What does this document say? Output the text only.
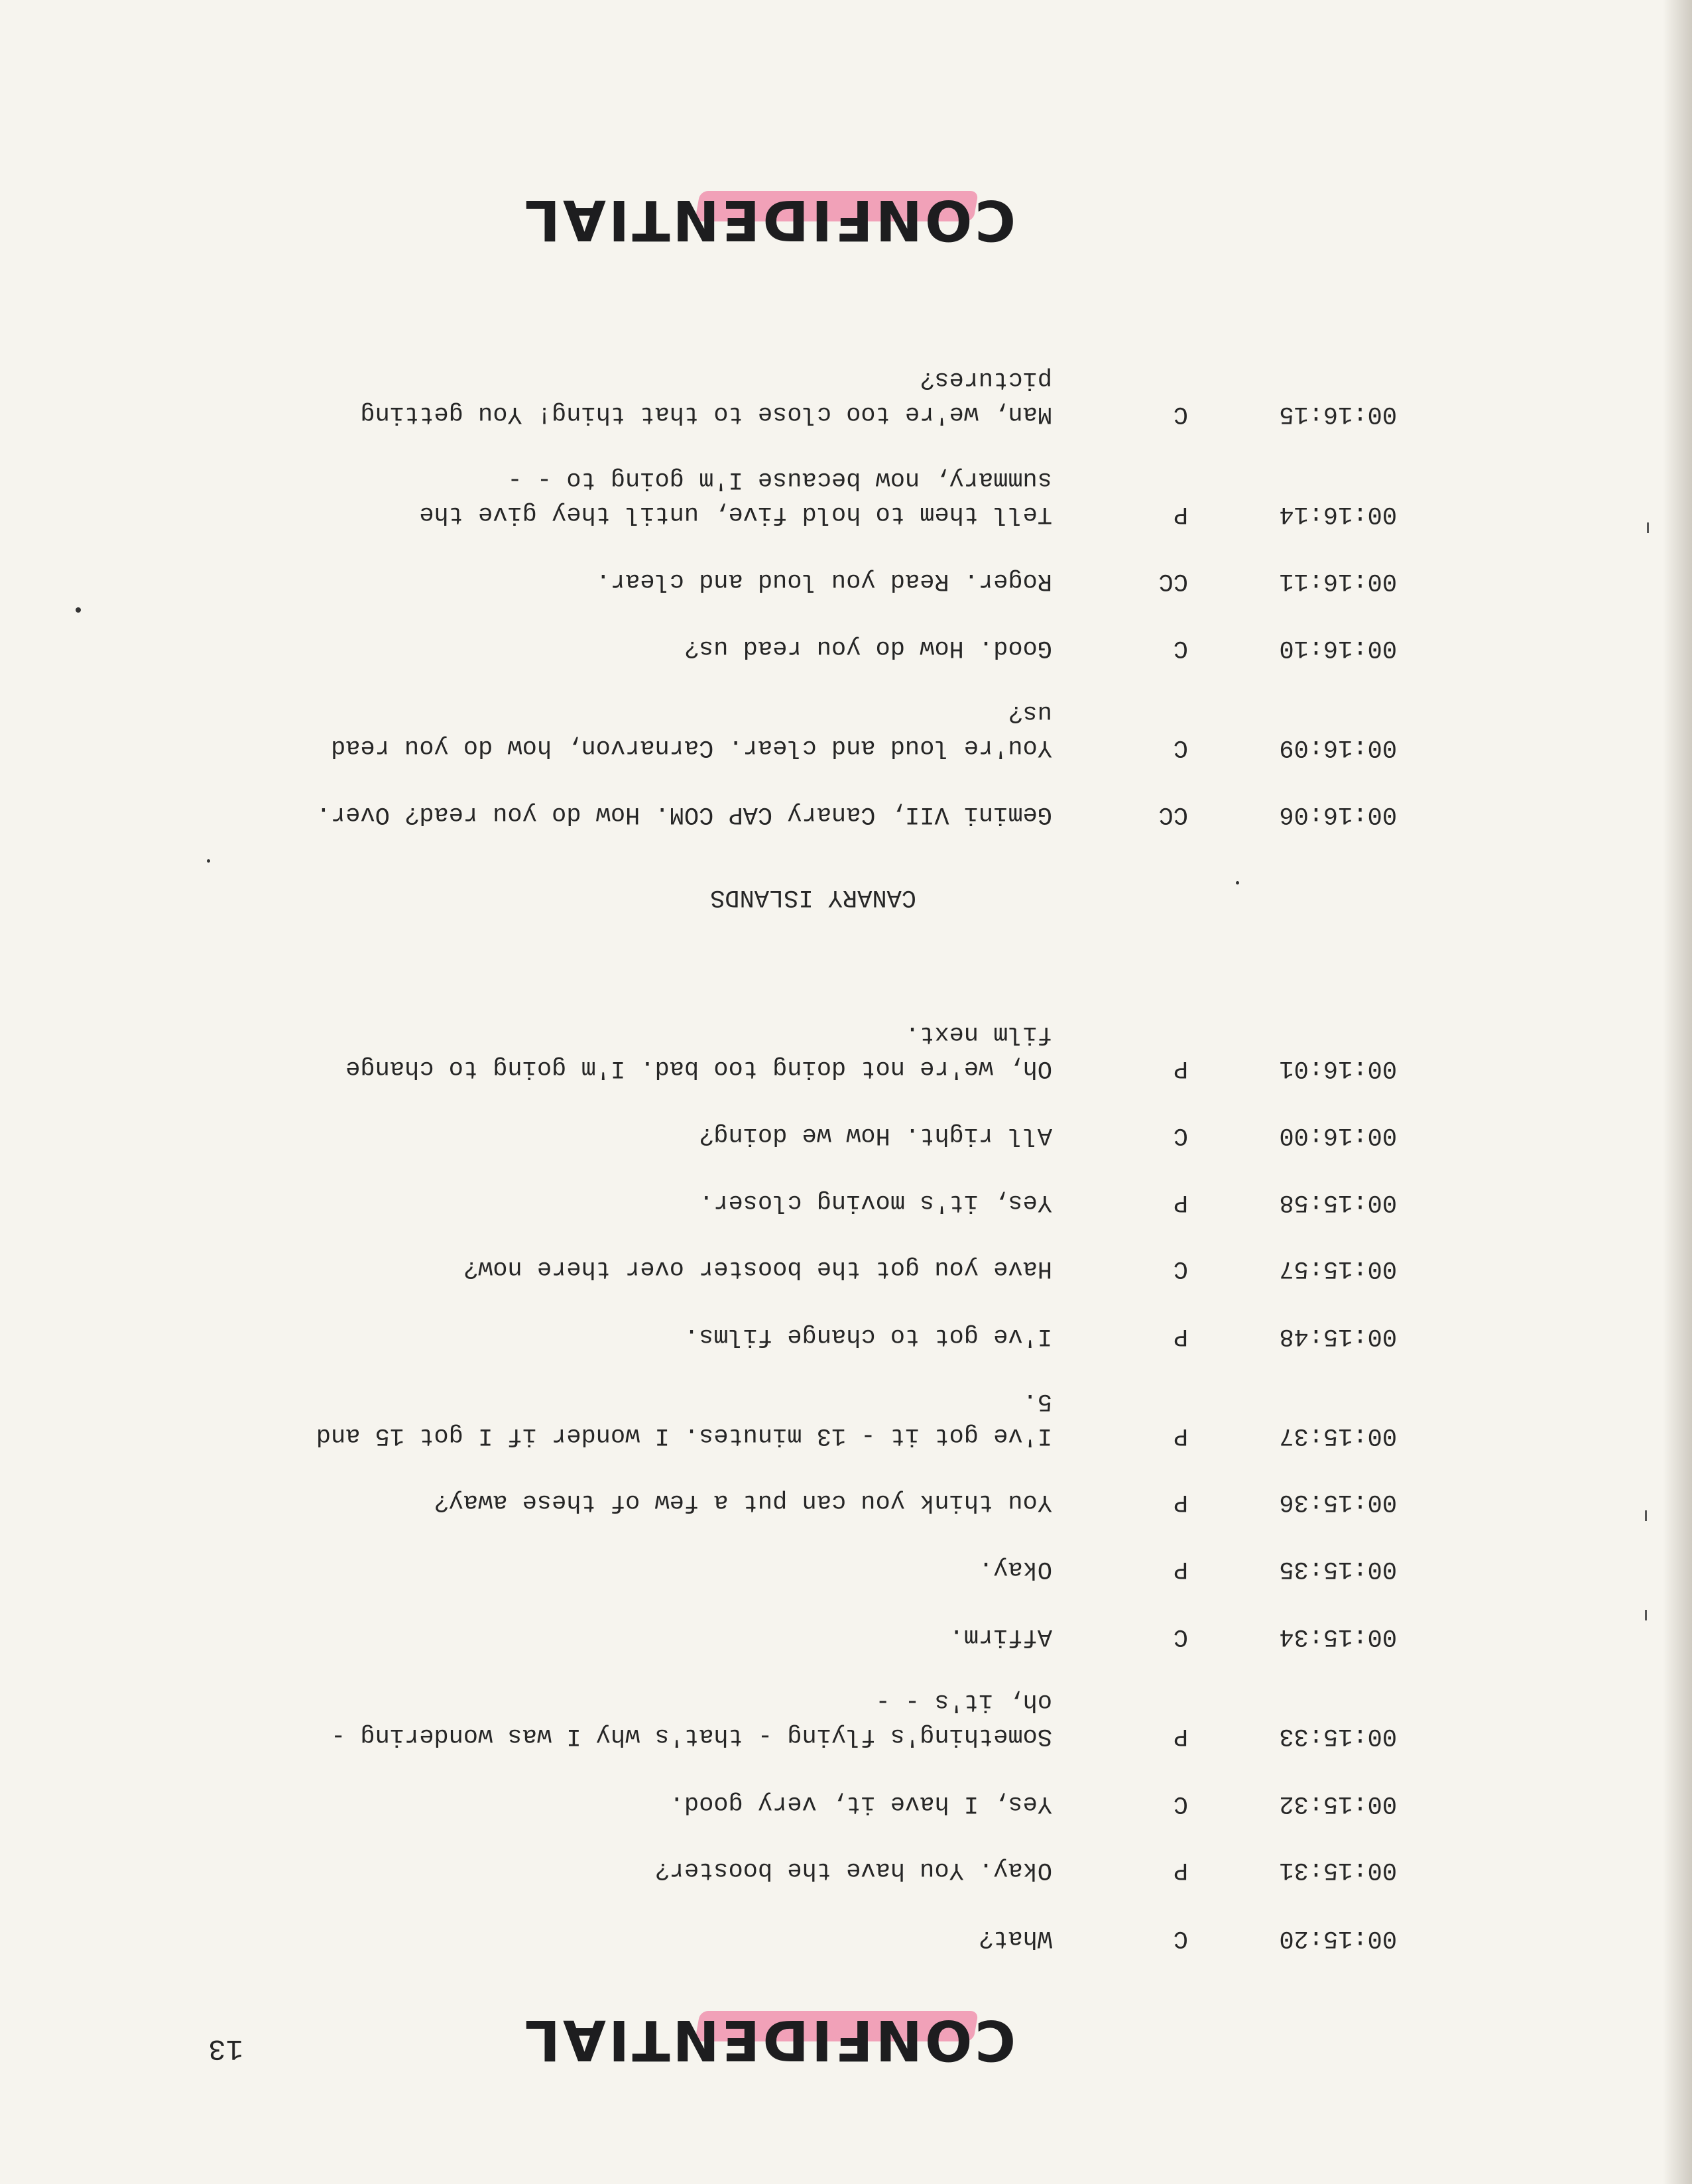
CONFIDENTIAL
13
00:15:20
C
What?
00:15:31
P
Okay. You have the booster?
00:15:32
C
Yes, I have it, very good.
00:15:33
P
Something's flying - that's why I was wondering - oh, it's - -
00:15:34
C
Affirm.
00:15:35
P
Okay.
00:15:36
P
You think you can put a few of these away?
00:15:37
P
I've got it - 13 minutes. I wonder if I got 15 and 5.
00:15:48
P
I've got to change films.
00:15:57
C
Have you got the booster over there now?
00:15:58
P
Yes, it's moving closer.
00:16:00
C
All right. How we doing?
00:16:01
P
Oh, we're not doing too bad. I'm going to change film next.
CANARY ISLANDS
00:16:06
CC
Gemini VII, Canary CAP COM. How do you read? Over.
00:16:09
C
You're loud and clear. Carnarvon, how do you read us?
00:16:10
C
Good. How do you read us?
00:16:11
CC
Roger. Read you loud and clear.
00:16:14
P
Tell them to hold five, until they give the summary, now because I'm going to - -
00:16:15
C
Man, we're too close to that thing! You getting pictures?
CONFIDENTIAL
